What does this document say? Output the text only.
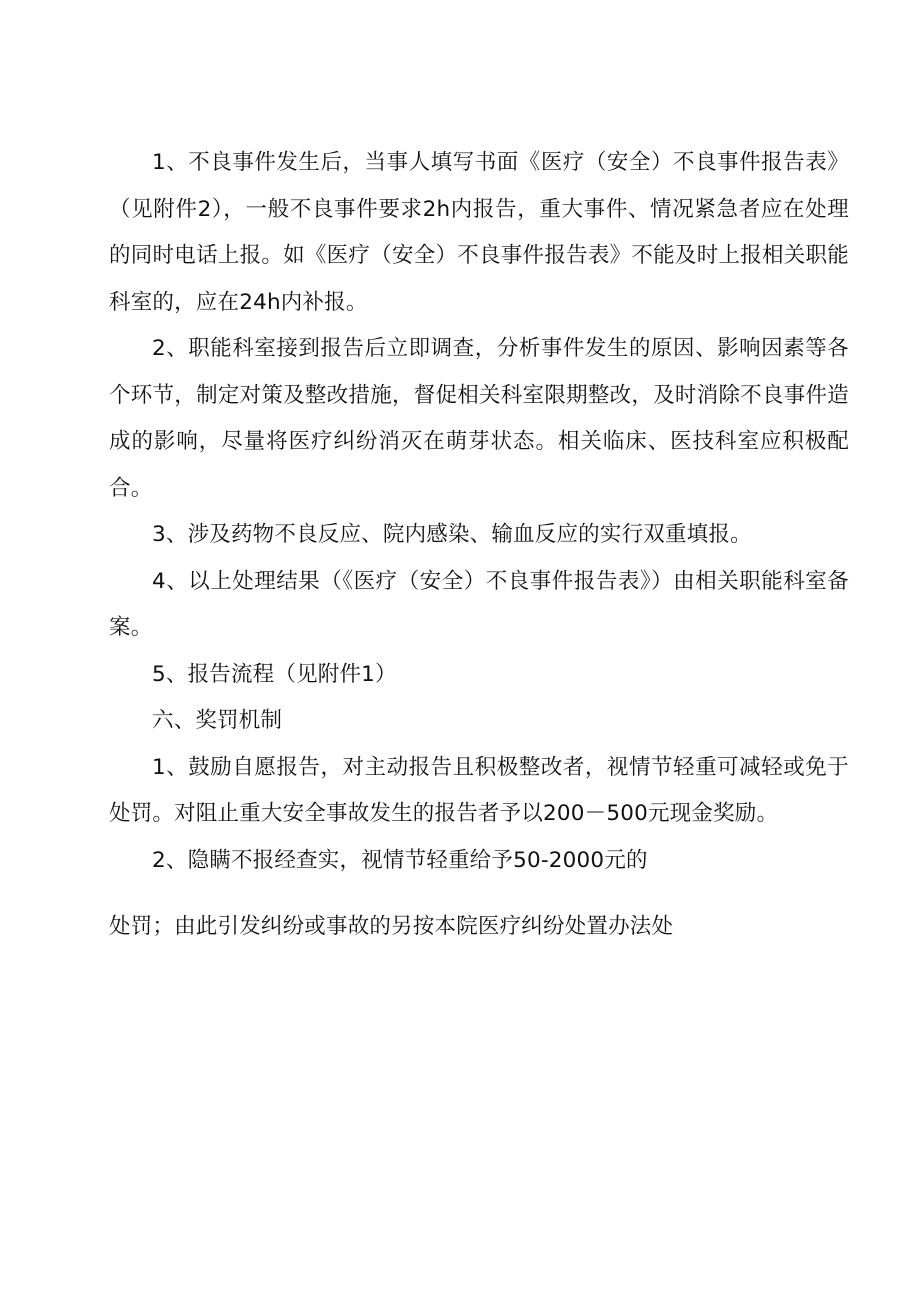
1、不良事件发生后，当事人填写书面《医疗（安全）不良事件报告表》（见附件2），一般不良事件要求2h内报告，重大事件、情况紧急者应在处理的同时电话上报。如《医疗（安全）不良事件报告表》不能及时上报相关职能科室的，应在24h内补报。

2、职能科室接到报告后立即调查，分析事件发生的原因、影响因素等各个环节，制定对策及整改措施，督促相关科室限期整改，及时消除不良事件造成的影响，尽量将医疗纠纷消灭在萌芽状态。相关临床、医技科室应积极配合。

3、涉及药物不良反应、院内感染、输血反应的实行双重填报。

4、以上处理结果（《医疗（安全）不良事件报告表》）由相关职能科室备案。

5、报告流程（见附件1）

六、奖罚机制

1、鼓励自愿报告，对主动报告且积极整改者，视情节轻重可减轻或免于处罚。对阻止重大安全事故发生的报告者予以200－500元现金奖励。

2、隐瞒不报经查实，视情节轻重给予50-2000元的

处罚；由此引发纠纷或事故的另按本院医疗纠纷处置办法处
